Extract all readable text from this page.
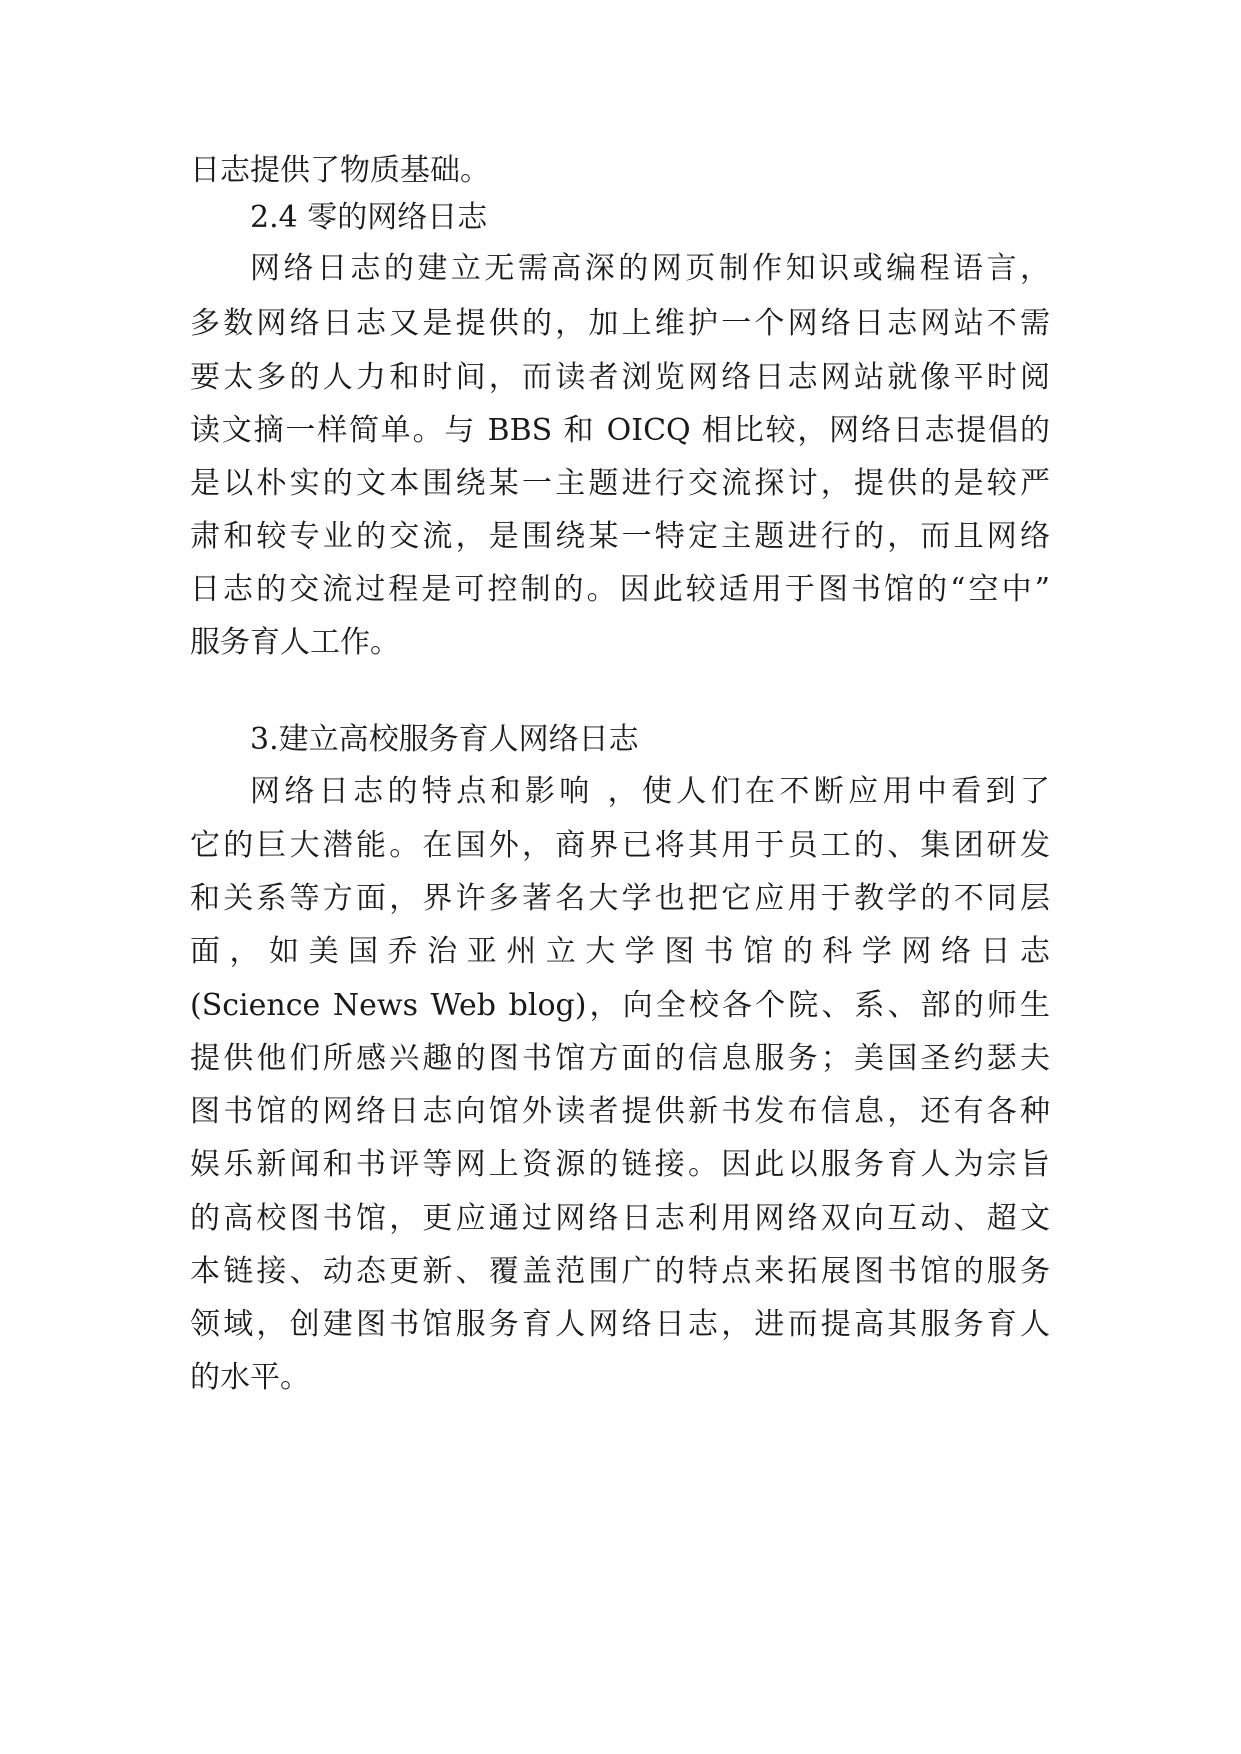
日志提供了物质基础。
2.4 零的网络日志
网络日志的建立无需高深的网页制作知识或编程语言，
多数网络日志又是提供的，加上维护一个网络日志网站不需
要太多的人力和时间，而读者浏览网络日志网站就像平时阅
读文摘一样简单。与 BBS 和 OICQ 相比较，网络日志提倡的
是以朴实的文本围绕某一主题进行交流探讨，提供的是较严
肃和较专业的交流，是围绕某一特定主题进行的，而且网络
日志的交流过程是可控制的。因此较适用于图书馆的“空中”
服务育人工作。
3.建立高校服务育人网络日志
网络日志的特点和影响 ，使人们在不断应用中看到了
它的巨大潜能。在国外，商界已将其用于员工的、集团研发
和关系等方面，界许多著名大学也把它应用于教学的不同层
面，如美国乔治亚州立大学图书馆的科学网络日志
(Science News Web blog)，向全校各个院、系、部的师生
提供他们所感兴趣的图书馆方面的信息服务；美国圣约瑟夫
图书馆的网络日志向馆外读者提供新书发布信息，还有各种
娱乐新闻和书评等网上资源的链接。因此以服务育人为宗旨
的高校图书馆，更应通过网络日志利用网络双向互动、超文
本链接、动态更新、覆盖范围广的特点来拓展图书馆的服务
领域，创建图书馆服务育人网络日志，进而提高其服务育人
的水平。
